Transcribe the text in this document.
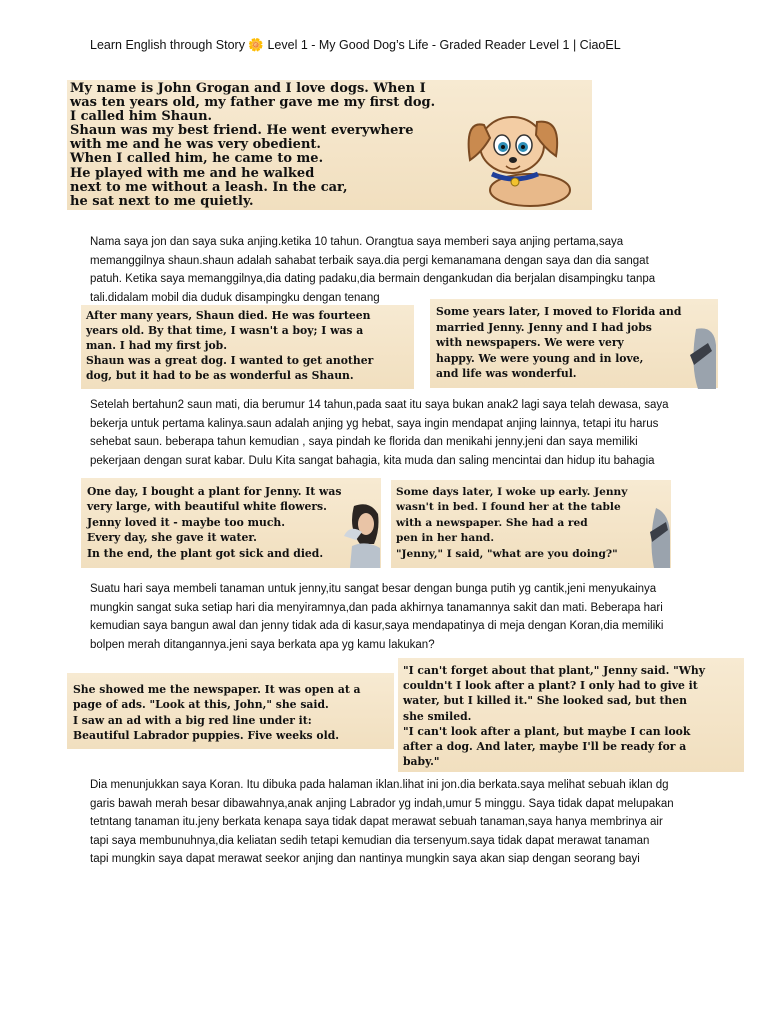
Learn English through Story 🌼 Level 1 - My Good Dog’s Life - Graded Reader Level 1 | CiaoEL
My name is John Grogan and I love dogs. When I
was ten years old, my father gave me my first dog.
I called him Shaun.
Shaun was my best friend. He went everywhere
with me and he was very obedient.
When I called him, he came to me.
He played with me and he walked
next to me without a leash. In the car,
he sat next to me quietly.
Nama saya jon dan saya suka anjing.ketika 10 tahun. Orangtua saya memberi saya anjing pertama,saya
memanggilnya shaun.shaun adalah sahabat terbaik saya.dia pergi kemanamana dengan saya dan dia sangat
patuh. Ketika saya memanggilnya,dia dating padaku,dia bermain dengankudan dia berjalan disampingku tanpa
tali.didalam mobil dia duduk disampingku dengan tenang
After many years, Shaun died. He was fourteen
years old. By that time, I wasn't a boy; I was a
man. I had my first job.
Shaun was a great dog. I wanted to get another
dog, but it had to be as wonderful as Shaun.
Some years later, I moved to Florida and
married Jenny. Jenny and I had jobs
with newspapers. We were very
happy. We were young and in love,
and life was wonderful.
Setelah bertahun2 saun mati, dia berumur 14 tahun,pada saat itu saya bukan anak2 lagi saya telah dewasa, saya
bekerja untuk pertama kalinya.saun adalah anjing yg hebat, saya ingin mendapat anjing lainnya, tetapi itu harus
sehebat saun. beberapa tahun kemudian , saya pindah ke florida dan menikahi jenny.jeni dan saya memiliki
pekerjaan dengan surat kabar. Dulu Kita sangat bahagia, kita muda dan saling mencintai dan hidup itu bahagia
One day, I bought a plant for Jenny. It was
very large, with beautiful white flowers.
Jenny loved it - maybe too much.
Every day, she gave it water.
In the end, the plant got sick and died.
Some days later, I woke up early. Jenny
wasn't in bed. I found her at the table
with a newspaper. She had a red
pen in her hand.
"Jenny," I said, "what are you doing?"
Suatu hari saya membeli tanaman untuk jenny,itu sangat besar dengan bunga putih yg cantik,jeni menyukainya
mungkin sangat suka setiap hari dia menyiramnya,dan pada akhirnya tanamannya sakit dan mati. Beberapa hari
kemudian saya bangun awal dan jenny tidak ada di kasur,saya mendapatinya di meja dengan Koran,dia memiliki
bolpen merah ditangannya.jeni saya berkata apa yg kamu lakukan?
She showed me the newspaper. It was open at a
page of ads. "Look at this, John," she said.
I saw an ad with a big red line under it:
Beautiful Labrador puppies. Five weeks old.
"I can't forget about that plant," Jenny said. "Why
couldn't I look after a plant? I only had to give it
water, but I killed it." She looked sad, but then
she smiled.
"I can't look after a plant, but maybe I can look
after a dog. And later, maybe I'll be ready for a
baby."
Dia menunjukkan saya Koran. Itu dibuka pada halaman iklan.lihat ini jon.dia berkata.saya melihat sebuah iklan dg
garis bawah merah besar dibawahnya,anak anjing Labrador yg indah,umur 5 minggu. Saya tidak dapat melupakan
tetntang tanaman itu.jeny berkata kenapa saya tidak dapat merawat sebuah tanaman,saya hanya membrinya air
tapi saya membunuhnya,dia keliatan sedih tetapi kemudian dia tersenyum.saya tidak dapat merawat tanaman
tapi mungkin saya dapat merawat seekor anjing dan nantinya mungkin saya akan siap dengan seorang bayi
